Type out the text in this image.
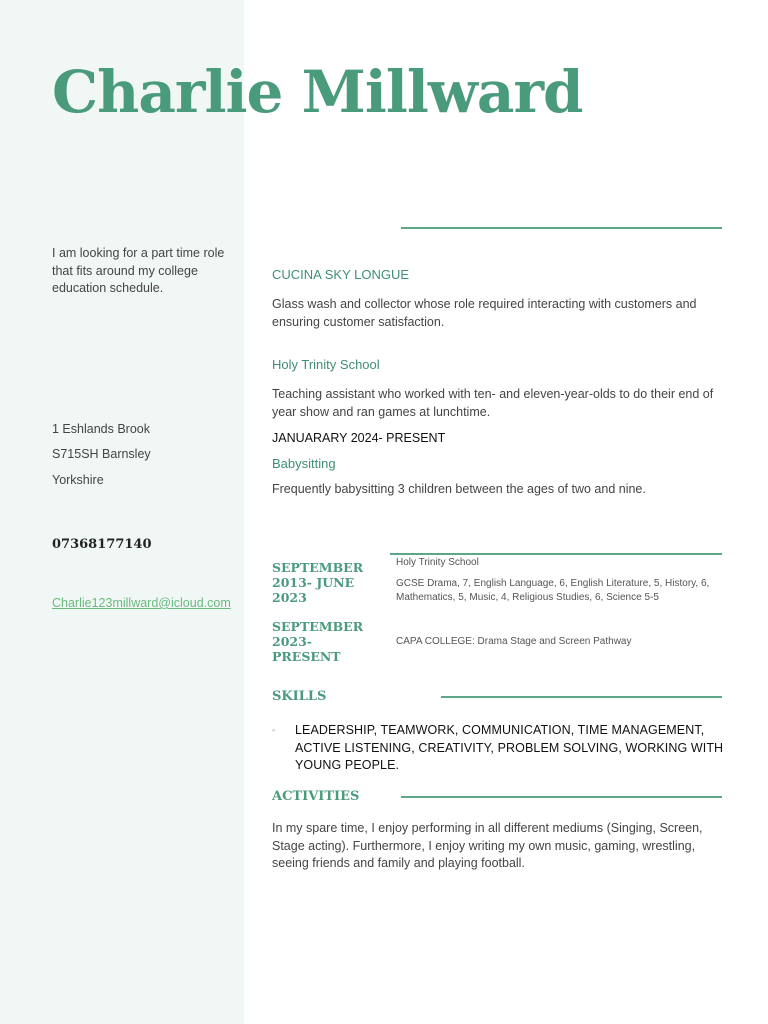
Charlie Millward
I am looking for a part time role that fits around my college education schedule.
1 Eshlands Brook
S715SH Barnsley
Yorkshire
07368177140
Charlie123millward@icloud.com
CUCINA SKY LONGUE
Glass wash and collector whose role required interacting with customers and ensuring customer satisfaction.
Holy Trinity School
Teaching assistant who worked with ten- and eleven-year-olds to do their end of year show and ran games at lunchtime.
JANUARARY 2024- PRESENT
Babysitting
Frequently babysitting 3 children between the ages of two and nine.
SEPTEMBER 2013- JUNE 2023
Holy Trinity School
GCSE Drama, 7, English Language, 6, English Literature, 5, History, 6, Mathematics, 5, Music, 4, Religious Studies, 6, Science 5-5
SEPTEMBER 2023- PRESENT
CAPA COLLEGE: Drama Stage and Screen Pathway
SKILLS
◦ LEADERSHIP, TEAMWORK, COMMUNICATION, TIME MANAGEMENT, ACTIVE LISTENING, CREATIVITY, PROBLEM SOLVING, WORKING WITH YOUNG PEOPLE.
ACTIVITIES
In my spare time, I enjoy performing in all different mediums (Singing, Screen, Stage acting). Furthermore, I enjoy writing my own music, gaming, wrestling, seeing friends and family and playing football.
